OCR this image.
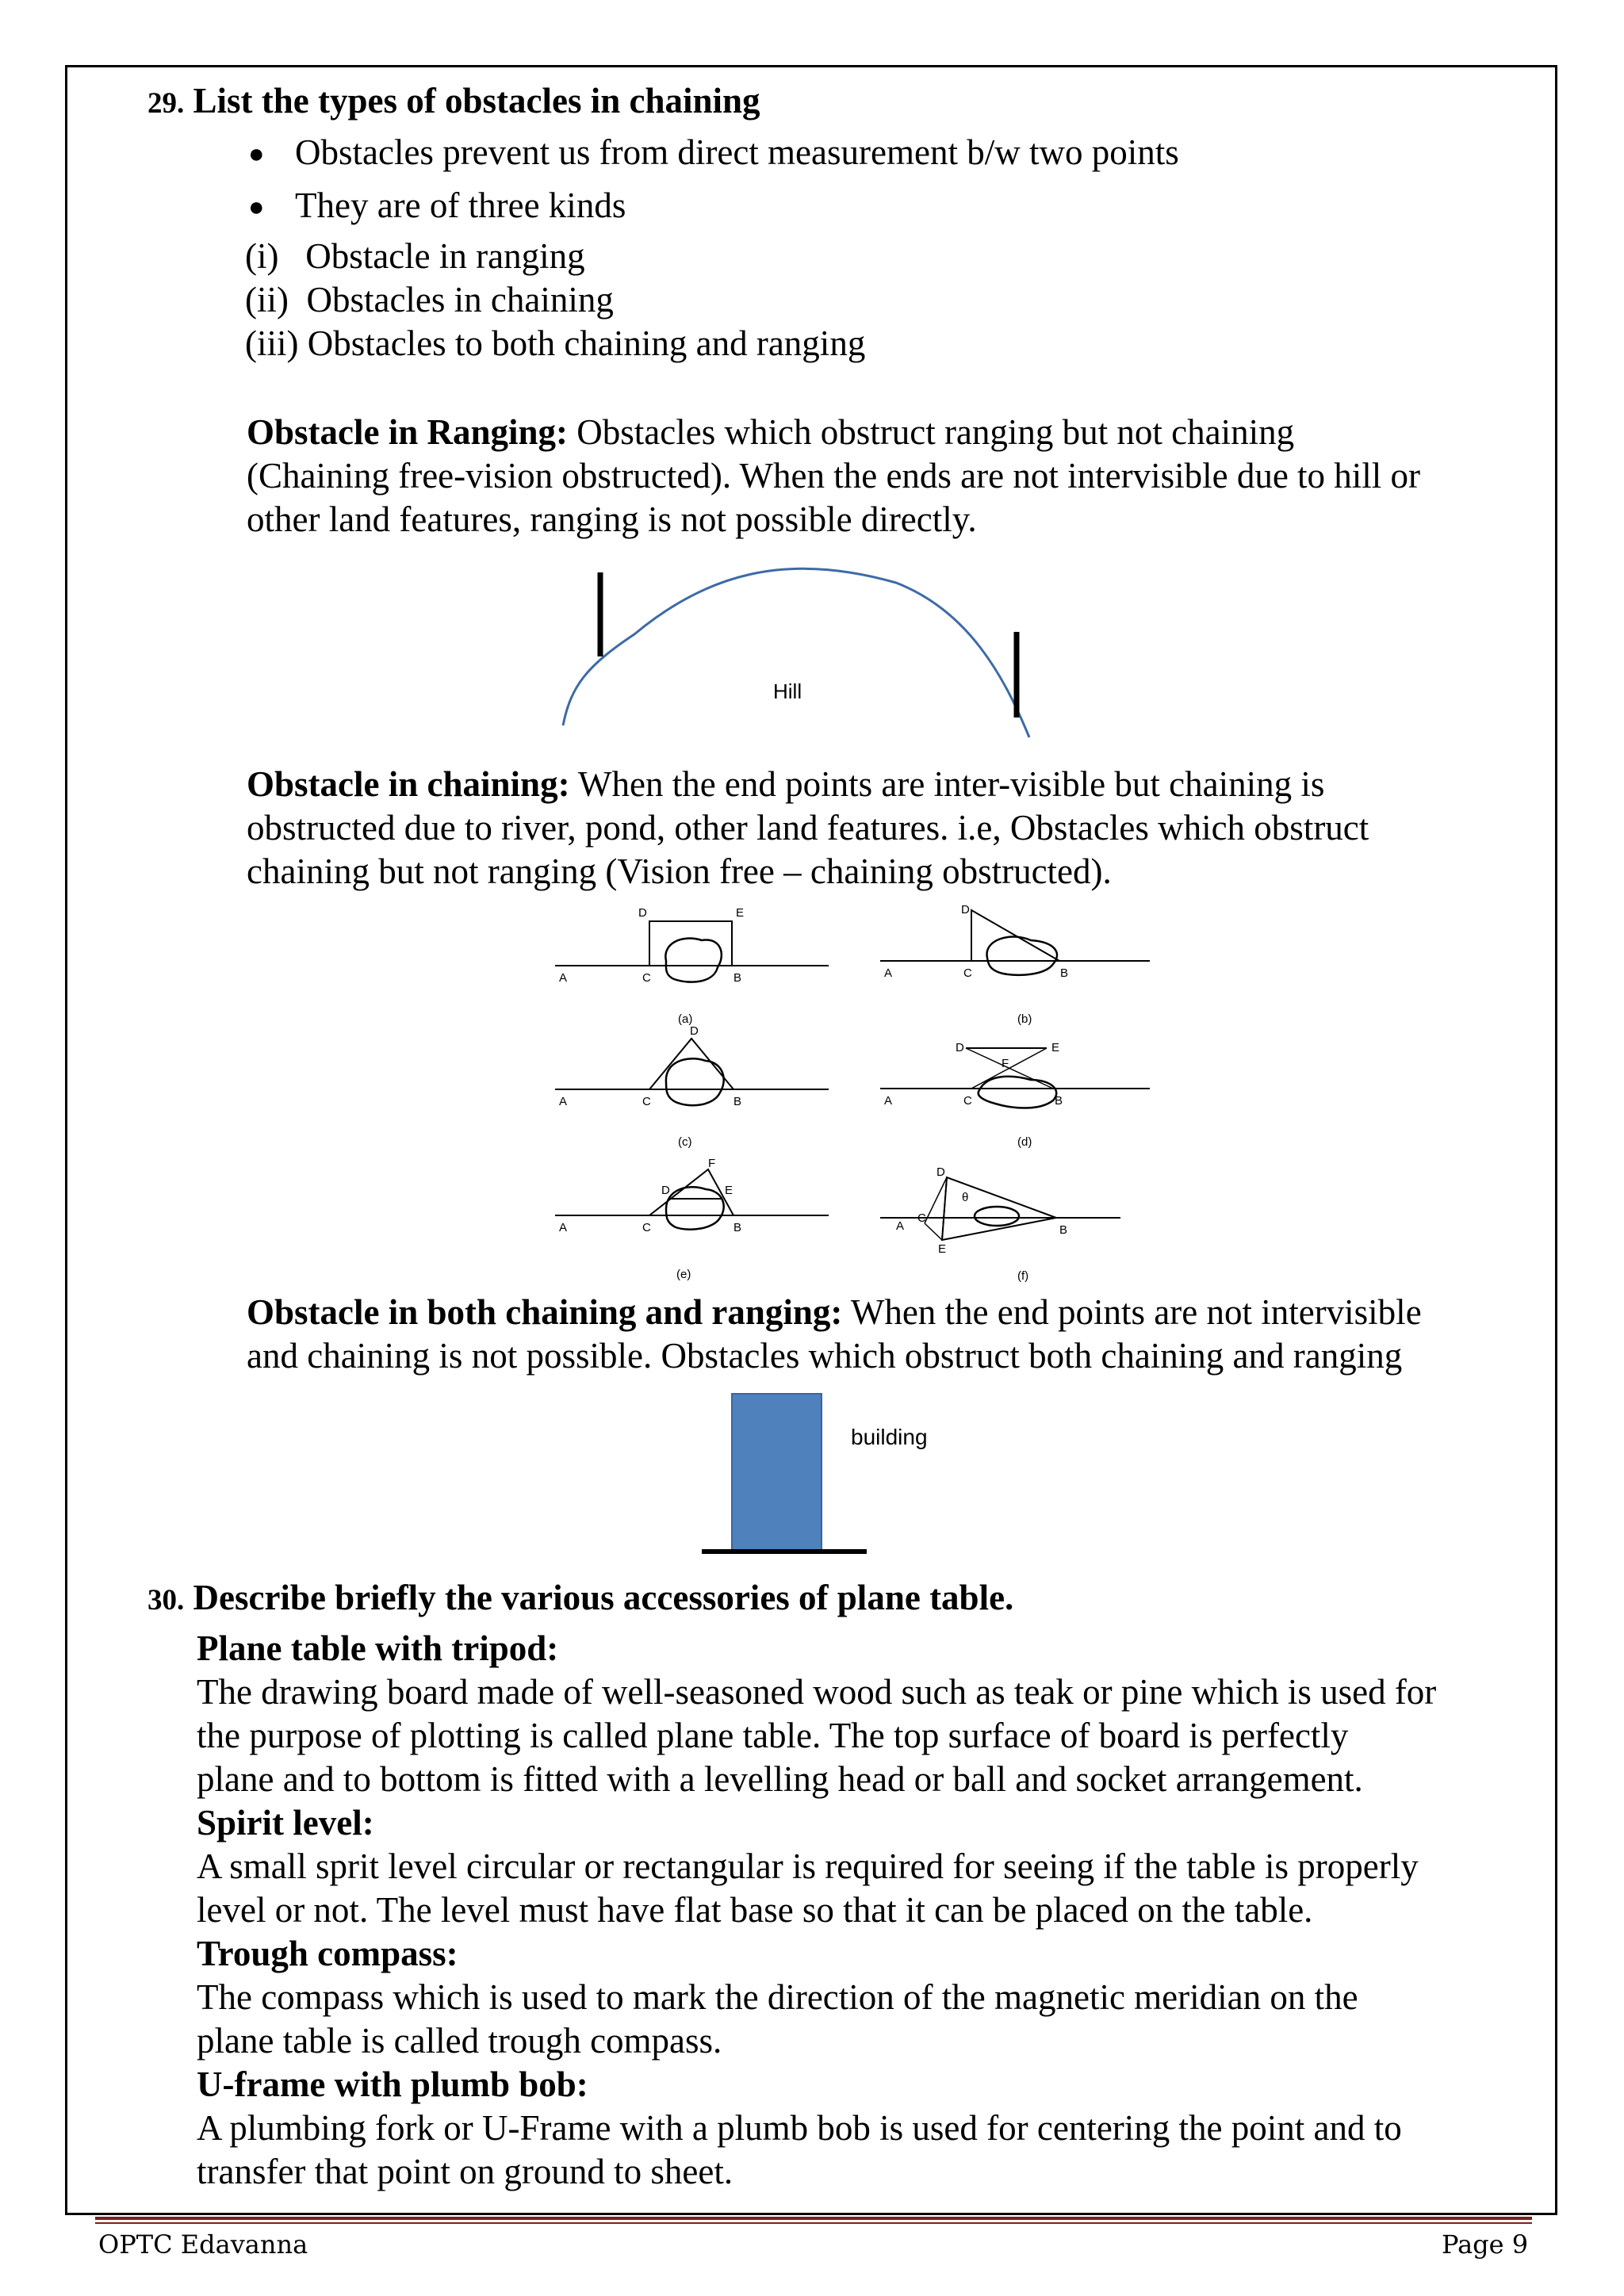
29. List the types of obstacles in chaining
● Obstacles prevent us from direct measurement b/w two points
● They are of three kinds
(i)   Obstacle in ranging
(ii)  Obstacles in chaining
(iii) Obstacles to both chaining and ranging
Obstacle in Ranging: Obstacles which obstruct ranging but not chaining
(Chaining free-vision obstructed). When the ends are not intervisible due to hill or
other land features, ranging is not possible directly.
Hill
Obstacle in chaining: When the end points are inter-visible but chaining is
obstructed due to river, pond, other land features. i.e, Obstacles which obstruct
chaining but not ranging (Vision free – chaining obstructed).
A	C	B
D	E
(a)
A	C	B
D
(b)
A	C	B
D
(c)
A	C	B
D	E
F
(d)
A	C	B
D	E
F
(e)
A
C
B
D
E
θ
(f)
Obstacle in both chaining and ranging: When the end points are not intervisible
and chaining is not possible. Obstacles which obstruct both chaining and ranging
building
30. Describe briefly the various accessories of plane table.
Plane table with tripod:
The drawing board made of well-seasoned wood such as teak or pine which is used for
the purpose of plotting is called plane table. The top surface of board is perfectly
plane and to bottom is fitted with a levelling head or ball and socket arrangement.
Spirit level:
A small sprit level circular or rectangular is required for seeing if the table is properly
level or not. The level must have flat base so that it can be placed on the table.
Trough compass:
The compass which is used to mark the direction of the magnetic meridian on the
plane table is called trough compass.
U-frame with plumb bob:
A plumbing fork or U-Frame with a plumb bob is used for centering the point and to
transfer that point on ground to sheet.
OPTC Edavanna	Page 9
